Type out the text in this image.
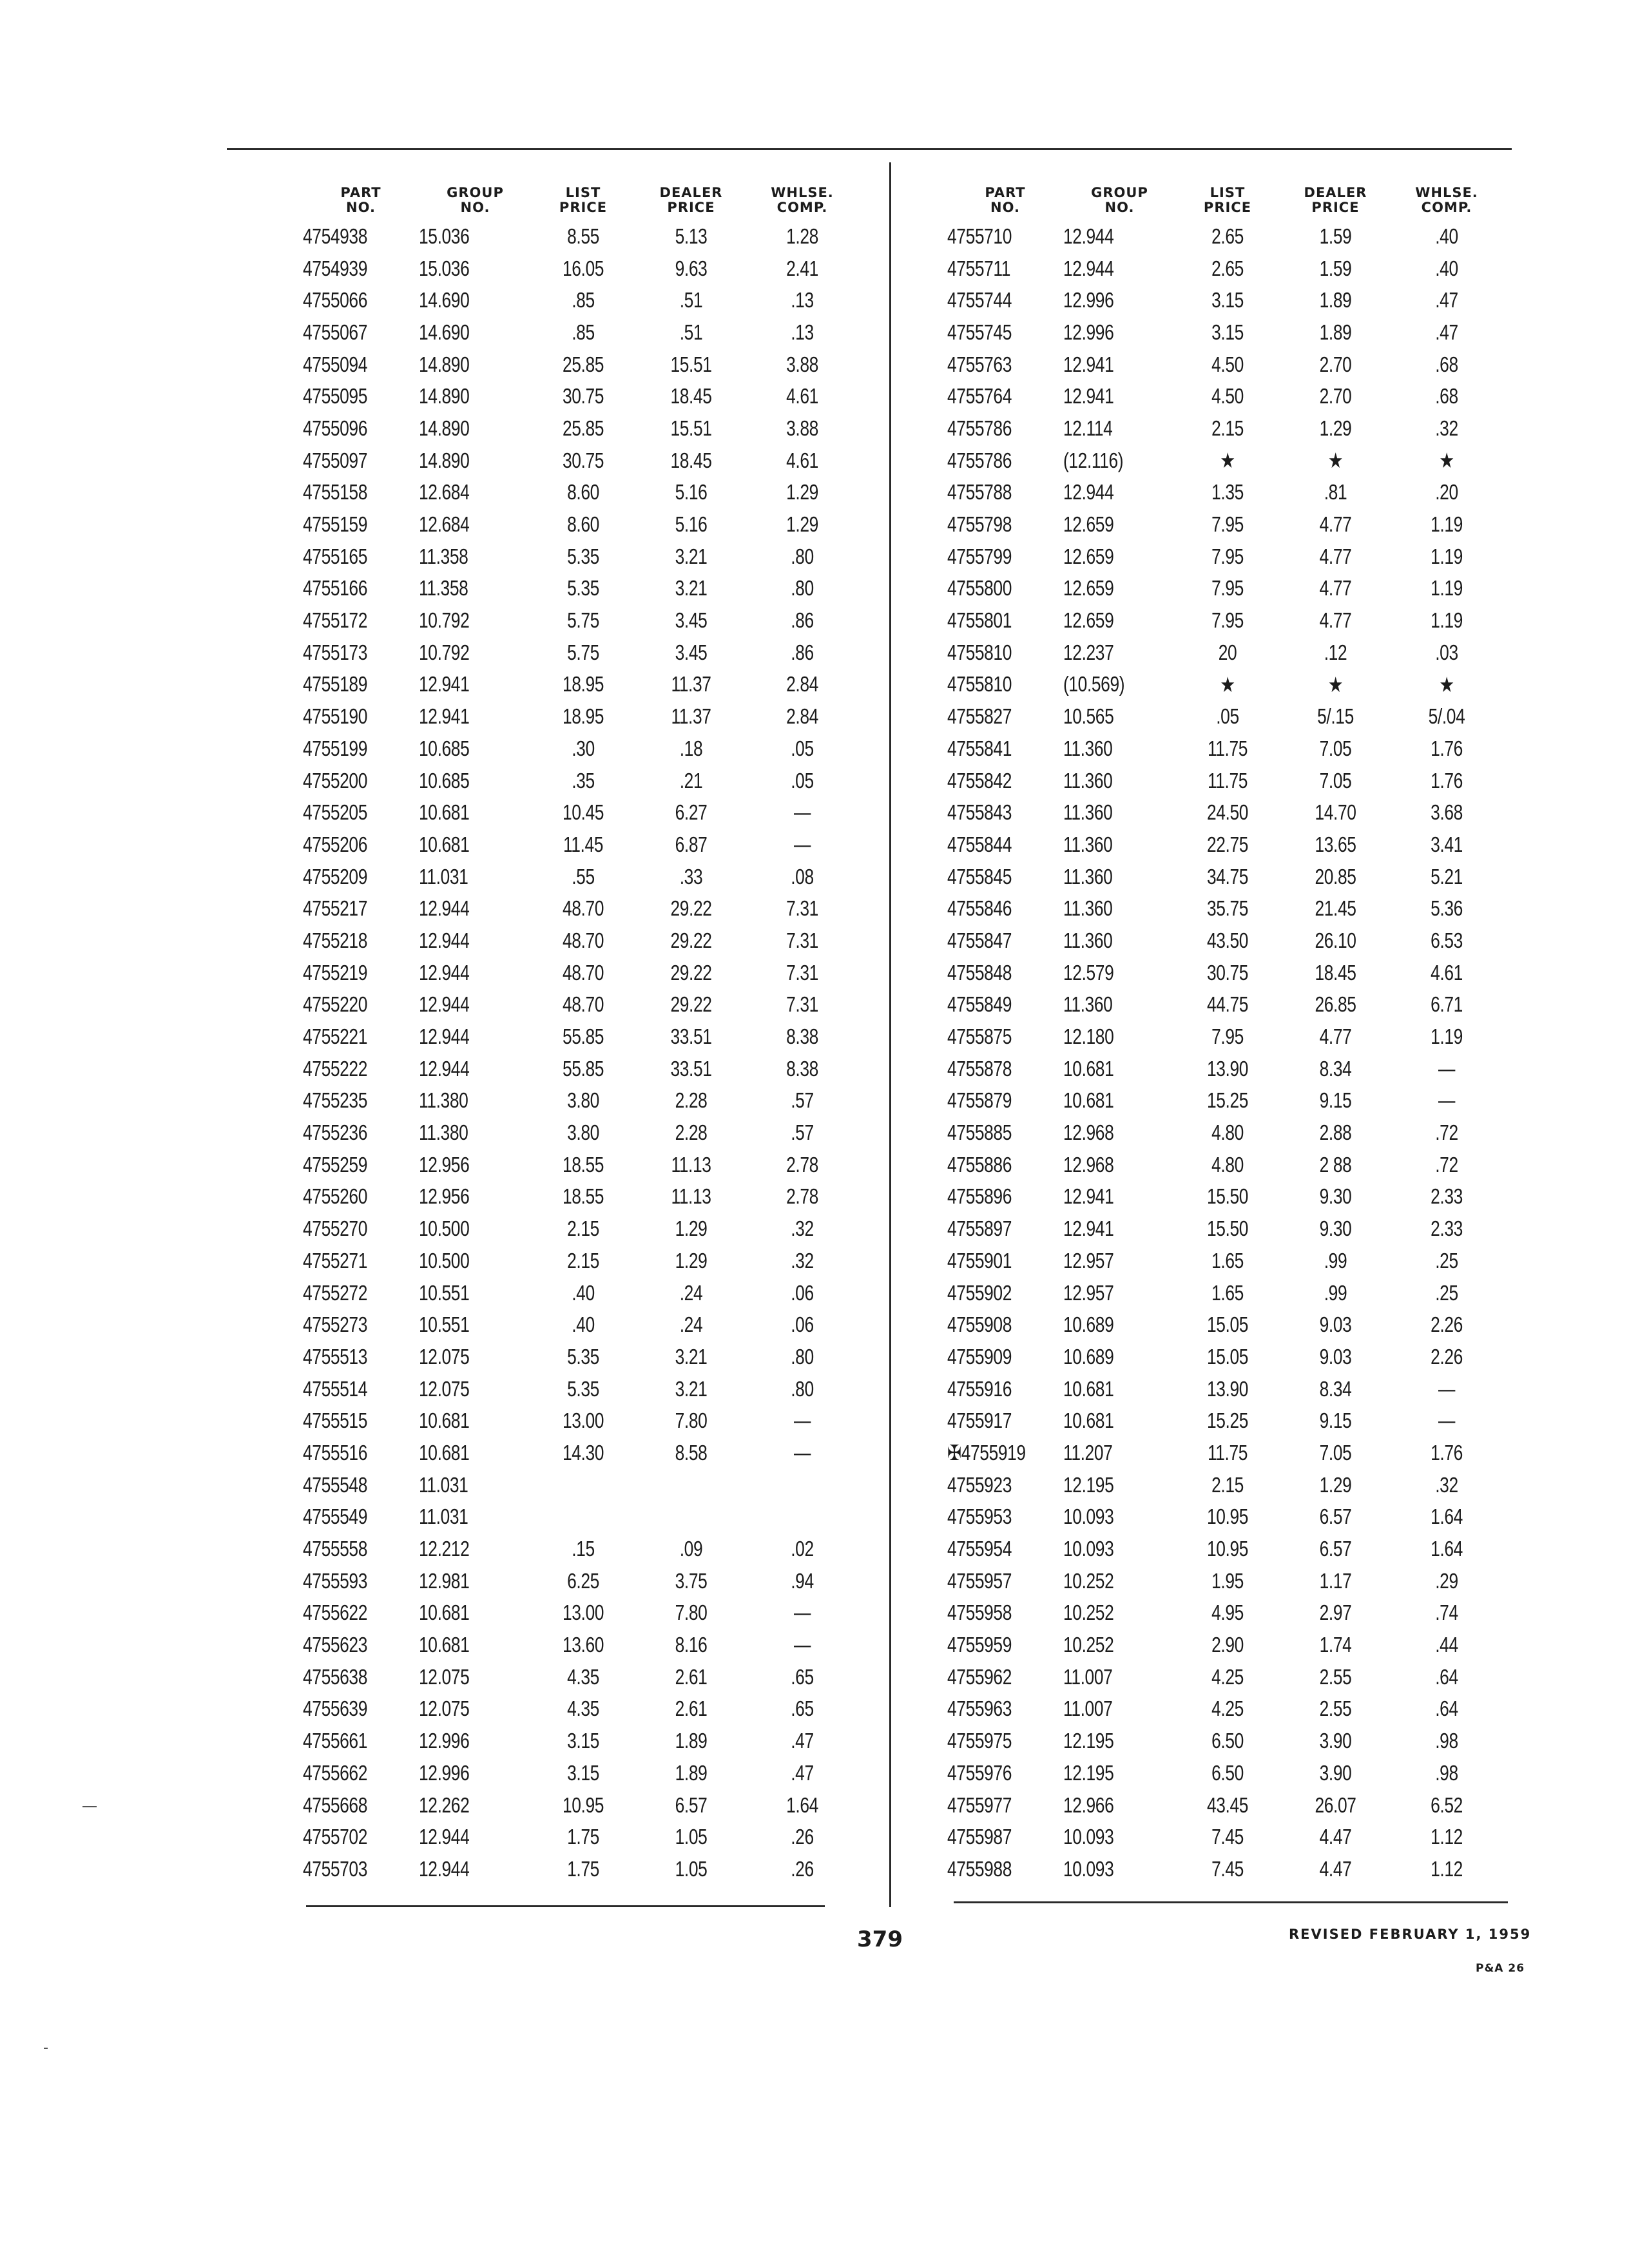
PART
NO.
GROUP
NO.
LIST
PRICE
DEALER
PRICE
WHLSE.
COMP.
4754938	15.036	8.55	5.13	1.28
4754939	15.036	16.05	9.63	2.41
4755066	14.690	.85	.51	.13
4755067	14.690	.85	.51	.13
4755094	14.890	25.85	15.51	3.88
4755095	14.890	30.75	18.45	4.61
4755096	14.890	25.85	15.51	3.88
4755097	14.890	30.75	18.45	4.61
4755158	12.684	8.60	5.16	1.29
4755159	12.684	8.60	5.16	1.29
4755165	11.358	5.35	3.21	.80
4755166	11.358	5.35	3.21	.80
4755172	10.792	5.75	3.45	.86
4755173	10.792	5.75	3.45	.86
4755189	12.941	18.95	11.37	2.84
4755190	12.941	18.95	11.37	2.84
4755199	10.685	.30	.18	.05
4755200	10.685	.35	.21	.05
4755205	10.681	10.45	6.27	—
4755206	10.681	11.45	6.87	—
4755209	11.031	.55	.33	.08
4755217	12.944	48.70	29.22	7.31
4755218	12.944	48.70	29.22	7.31
4755219	12.944	48.70	29.22	7.31
4755220	12.944	48.70	29.22	7.31
4755221	12.944	55.85	33.51	8.38
4755222	12.944	55.85	33.51	8.38
4755235	11.380	3.80	2.28	.57
4755236	11.380	3.80	2.28	.57
4755259	12.956	18.55	11.13	2.78
4755260	12.956	18.55	11.13	2.78
4755270	10.500	2.15	1.29	.32
4755271	10.500	2.15	1.29	.32
4755272	10.551	.40	.24	.06
4755273	10.551	.40	.24	.06
4755513	12.075	5.35	3.21	.80
4755514	12.075	5.35	3.21	.80
4755515	10.681	13.00	7.80	—
4755516	10.681	14.30	8.58	—
4755548	11.031
4755549	11.031
4755558	12.212	.15	.09	.02
4755593	12.981	6.25	3.75	.94
4755622	10.681	13.00	7.80	—
4755623	10.681	13.60	8.16	—
4755638	12.075	4.35	2.61	.65
4755639	12.075	4.35	2.61	.65
4755661	12.996	3.15	1.89	.47
4755662	12.996	3.15	1.89	.47
4755668	12.262	10.95	6.57	1.64
4755702	12.944	1.75	1.05	.26
4755703	12.944	1.75	1.05	.26
PART
NO.
GROUP
NO.
LIST
PRICE
DEALER
PRICE
WHLSE.
COMP.
4755710	12.944	2.65	1.59	.40
4755711	12.944	2.65	1.59	.40
4755744	12.996	3.15	1.89	.47
4755745	12.996	3.15	1.89	.47
4755763	12.941	4.50	2.70	.68
4755764	12.941	4.50	2.70	.68
4755786	12.114	2.15	1.29	.32
4755786	(12.116)	★	★	★
4755788	12.944	1.35	.81	.20
4755798	12.659	7.95	4.77	1.19
4755799	12.659	7.95	4.77	1.19
4755800	12.659	7.95	4.77	1.19
4755801	12.659	7.95	4.77	1.19
4755810	12.237	20	.12	.03
4755810	(10.569)	★	★	★
4755827	10.565	.05	5/.15	5/.04
4755841	11.360	11.75	7.05	1.76
4755842	11.360	11.75	7.05	1.76
4755843	11.360	24.50	14.70	3.68
4755844	11.360	22.75	13.65	3.41
4755845	11.360	34.75	20.85	5.21
4755846	11.360	35.75	21.45	5.36
4755847	11.360	43.50	26.10	6.53
4755848	12.579	30.75	18.45	4.61
4755849	11.360	44.75	26.85	6.71
4755875	12.180	7.95	4.77	1.19
4755878	10.681	13.90	8.34	—
4755879	10.681	15.25	9.15	—
4755885	12.968	4.80	2.88	.72
4755886	12.968	4.80	2 88	.72
4755896	12.941	15.50	9.30	2.33
4755897	12.941	15.50	9.30	2.33
4755901	12.957	1.65	.99	.25
4755902	12.957	1.65	.99	.25
4755908	10.689	15.05	9.03	2.26
4755909	10.689	15.05	9.03	2.26
4755916	10.681	13.90	8.34	—
4755917	10.681	15.25	9.15	—
✠4755919	11.207	11.75	7.05	1.76
4755923	12.195	2.15	1.29	.32
4755953	10.093	10.95	6.57	1.64
4755954	10.093	10.95	6.57	1.64
4755957	10.252	1.95	1.17	.29
4755958	10.252	4.95	2.97	.74
4755959	10.252	2.90	1.74	.44
4755962	11.007	4.25	2.55	.64
4755963	11.007	4.25	2.55	.64
4755975	12.195	6.50	3.90	.98
4755976	12.195	6.50	3.90	.98
4755977	12.966	43.45	26.07	6.52
4755987	10.093	7.45	4.47	1.12
4755988	10.093	7.45	4.47	1.12
379	REVISED FEBRUARY 1, 1959
P&A 26
